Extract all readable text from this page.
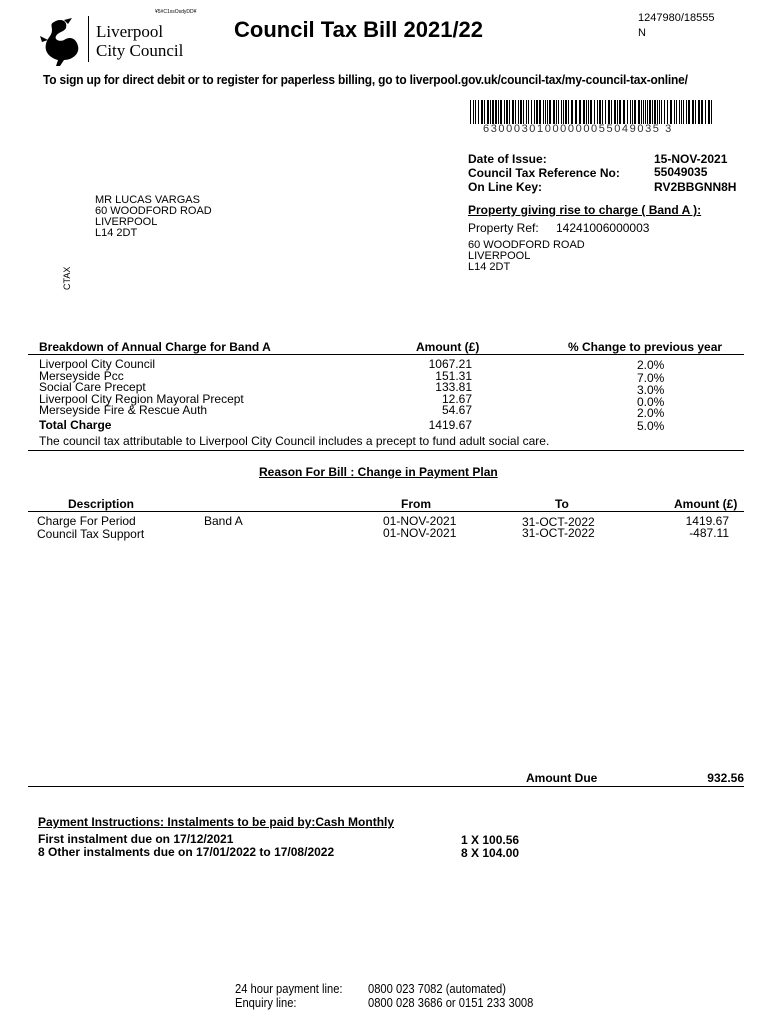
¥5#C1xsOsdyDD¥
Liverpool
City Council
Council Tax Bill 2021/22	1247980/18555
N
To sign up for direct debit or to register for paperless billing, go to liverpool.gov.uk/council-tax/my-council-tax-online/
63000301000000055049035 3
Date of Issue:	15-NOV-2021
Council Tax Reference No:	55049035
On Line Key:	RV2BBGNN8H
MR LUCAS VARGAS
60 WOODFORD ROAD
LIVERPOOL
L14 2DT
CTAX
Property giving rise to charge ( Band A ):
Property Ref: 14241006000003
60 WOODFORD ROAD
LIVERPOOL
L14 2DT
Breakdown of Annual Charge for Band A	Amount (£)	% Change to previous year
Liverpool City Council	1067.21	2.0%
Merseyside Pcc	151.31	7.0%
Social Care Precept	133.81	3.0%
Liverpool City Region Mayoral Precept	12.67	0.0%
Merseyside Fire & Rescue Auth	54.67	2.0%
Total Charge	1419.67	5.0%
The council tax attributable to Liverpool City Council includes a precept to fund adult social care.
Reason For Bill : Change in Payment Plan
Description	From	To	Amount (£)
Charge For Period	Band A	01-NOV-2021	31-OCT-2022	1419.67
Council Tax Support	01-NOV-2021	31-OCT-2022	-487.11
Amount Due	932.56
Payment Instructions: Instalments to be paid by:Cash Monthly
First instalment due on 17/12/2021	1 X 100.56
8 Other instalments due on 17/01/2022 to 17/08/2022	8 X 104.00
24 hour payment line: 0800 023 7082 (automated)
Enquiry line:	0800 028 3686 or 0151 233 3008
